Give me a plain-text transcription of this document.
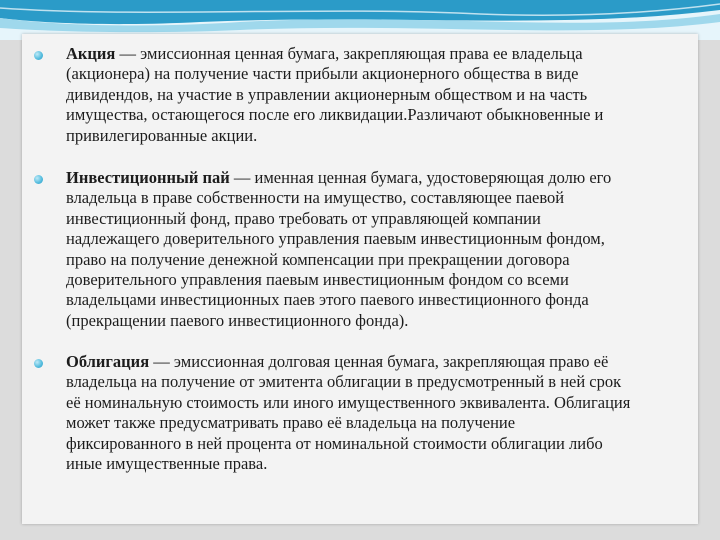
Акция — эмиссионная ценная бумага, закрепляющая права ее владельца
(акционера) на получение части прибыли акционерного общества в виде
дивидендов, на участие в управлении акционерным обществом и на часть
имущества, остающегося после его ликвидации.Различают обыкновенные и
привилегированные акции.

Инвестиционный пай — именная ценная бумага, удостоверяющая долю его
владельца в праве собственности на имущество, составляющее паевой
инвестиционный фонд, право требовать от управляющей компании
надлежащего доверительного управления паевым инвестиционным фондом,
право на получение денежной компенсации при прекращении договора
доверительного управления паевым инвестиционным фондом со всеми
владельцами инвестиционных паев этого паевого инвестиционного фонда
(прекращении паевого инвестиционного фонда).

Облигация — эмиссионная долговая ценная бумага, закрепляющая право её
владельца на получение от эмитента облигации в предусмотренный в ней срок
её номинальную стоимость или иного имущественного эквивалента. Облигация
может также предусматривать право её владельца на получение
фиксированного в ней процента от номинальной стоимости облигации либо
иные имущественные права.
